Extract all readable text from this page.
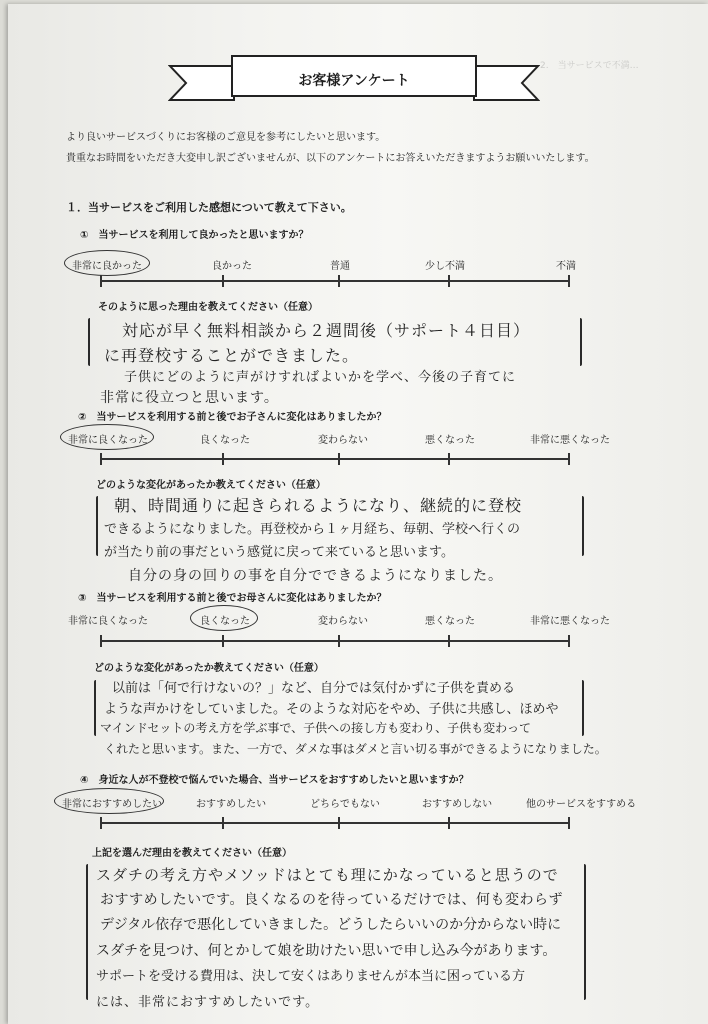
2.　当サービスで不満…
お客様アンケート
より良いサービスづくりにお客様のご意見を参考にしたいと思います。
貴重なお時間をいただき大変申し訳ございませんが、以下のアンケートにお答えいただきますようお願いいたします。
１．当サービスをご利用した感想について教えて下さい。
①　当サービスを利用して良かったと思いますか？
非常に良かった	良かった	普通	少し不満	不満
そのように思った理由を教えてください（任意）
対応が早く無料相談から２週間後（サポート４日目）
に再登校することができました。
子供にどのように声がけすればよいかを学べ、今後の子育てに
非常に役立つと思います。
②　当サービスを利用する前と後でお子さんに変化はありましたか？
非常に良くなった	良くなった	変わらない	悪くなった	非常に悪くなった
どのような変化があったか教えてください（任意）
朝、時間通りに起きられるようになり、継続的に登校
できるようになりました。再登校から１ヶ月経ち、毎朝、学校へ行くの
が当たり前の事だという感覚に戻って来ていると思います。
自分の身の回りの事を自分でできるようになりました。
③　当サービスを利用する前と後でお母さんに変化はありましたか？
非常に良くなった	良くなった	変わらない	悪くなった	非常に悪くなった
どのような変化があったか教えてください（任意）
以前は「何で行けないの？」など、自分では気付かずに子供を責める
ような声かけをしていました。そのような対応をやめ、子供に共感し、ほめや
マインドセットの考え方を学ぶ事で、子供への接し方も変わり、子供も変わって
くれたと思います。また、一方で、ダメな事はダメと言い切る事ができるようになりました。
④　身近な人が不登校で悩んでいた場合、当サービスをおすすめしたいと思いますか？
非常におすすめしたい	おすすめしたい	どちらでもない	おすすめしない	他のサービスをすすめる
上記を選んだ理由を教えてください（任意）
スダチの考え方やメソッドはとても理にかなっていると思うので
おすすめしたいです。良くなるのを待っているだけでは、何も変わらず
デジタル依存で悪化していきました。どうしたらいいのか分からない時に
スダチを見つけ、何とかして娘を助けたい思いで申し込み今があります。
サポートを受ける費用は、決して安くはありませんが本当に困っている方
には、非常におすすめしたいです。
